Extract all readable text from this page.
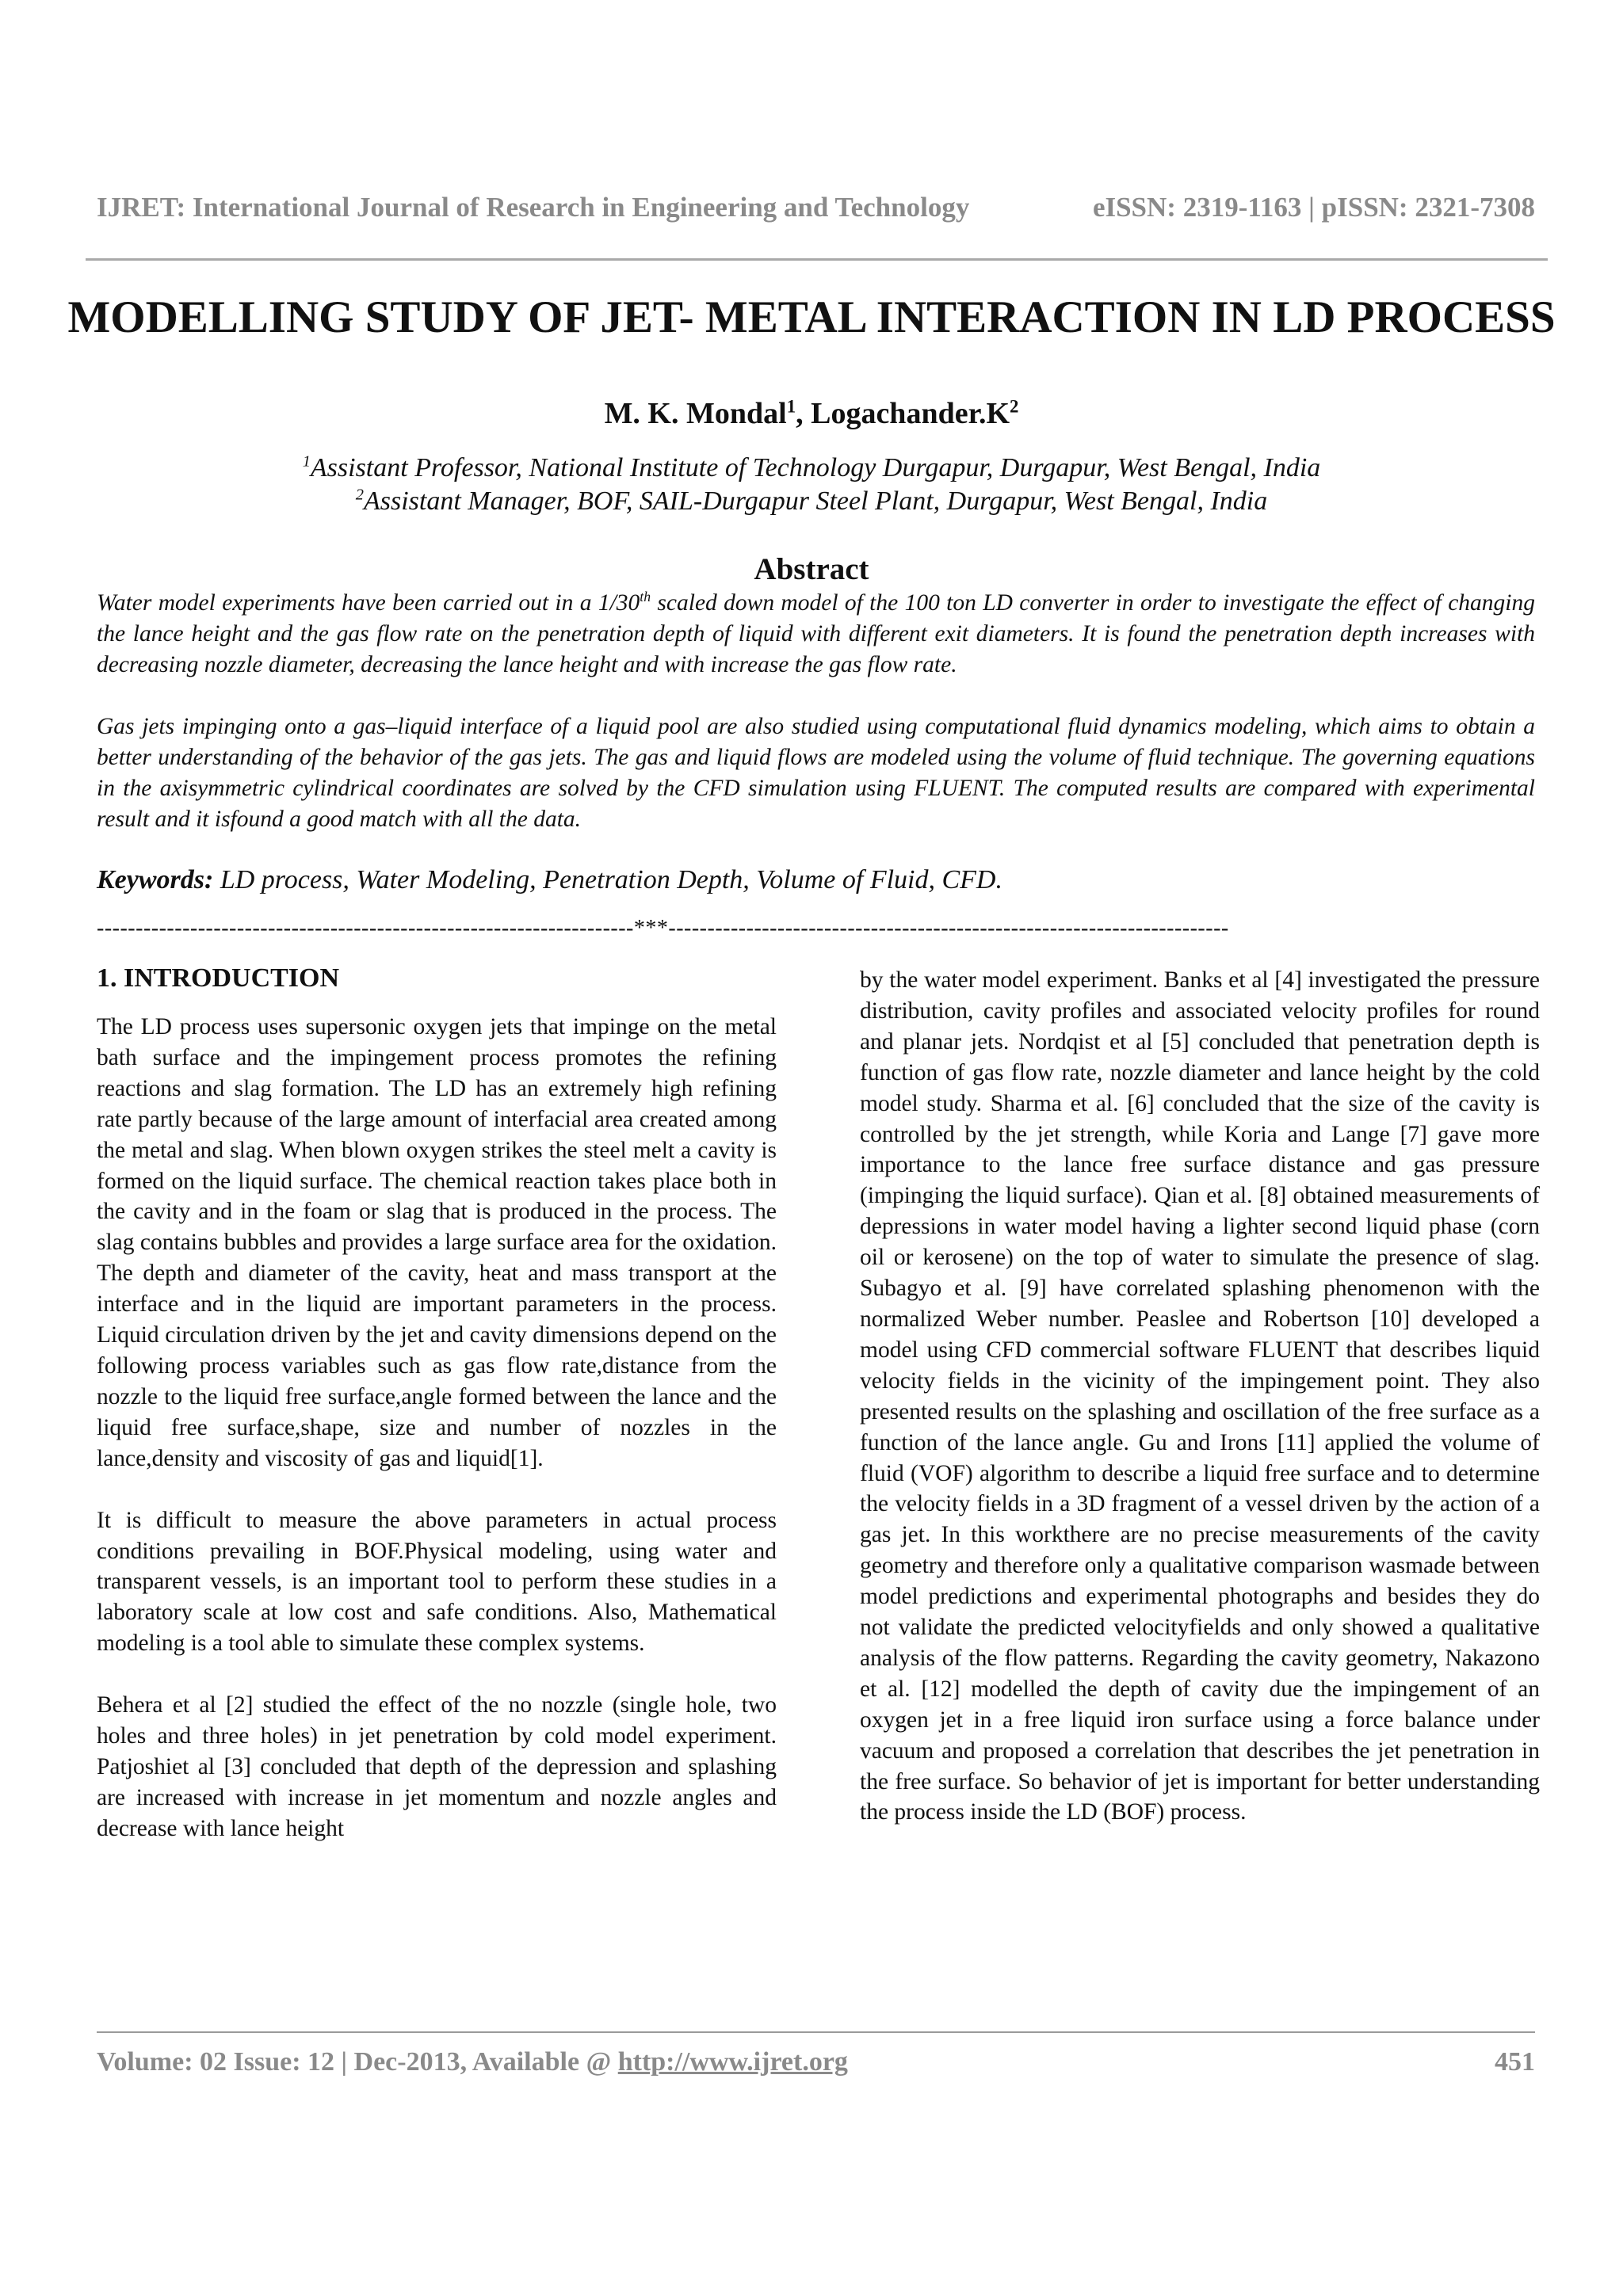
IJRET: International Journal of Research in Engineering and Technology	eISSN: 2319-1163 | pISSN: 2321-7308
MODELLING STUDY OF JET- METAL INTERACTION IN LD PROCESS
M. K. Mondal$^1$, $Logachander.K^2$
$^1$Assistant Professor, National Institute of Technology Durgapur, Durgapur, West Bengal, India
$^2$Assistant Manager, BOF, SAIL-Durgapur Steel Plant, Durgapur, West Bengal, India
Abstract

Water model experiments have been carried out in a 1/30th scaled down model of the 100 ton LD converter in order to investigate the effect of changing the lance height and the gas flow rate on the penetration depth of liquid with different exit diameters. It is found the penetration depth increases with decreasing nozzle diameter, decreasing the lance height and with increase the gas flow rate.

Gas jets impinging onto a gas–liquid interface of a liquid pool are also studied using computational fluid dynamics modeling, which aims to obtain a better understanding of the behavior of the gas jets. The gas and liquid flows are modeled using the volume of fluid technique. The governing equations in the axisymmetric cylindrical coordinates are solved by the CFD simulation using FLUENT. The computed results are compared with experimental result and it isfound a good match with all the data.

Keywords: LD process, Water Modeling, Penetration Depth, Volume of Fluid, CFD.
---------------------------------------------------------------------***------------------------------------------------------------------------
1. INTRODUCTION

The LD process uses supersonic oxygen jets that impinge on the metal bath surface and the impingement process promotes the refining reactions and slag formation. The LD has an extremely high refining rate partly because of the large amount of interfacial area created among the metal and slag. When blown oxygen strikes the steel melt a cavity is formed on the liquid surface. The chemical reaction takes place both in the cavity and in the foam or slag that is produced in the process. The slag contains bubbles and provides a large surface area for the oxidation. The depth and diameter of the cavity, heat and mass transport at the interface and in the liquid are important parameters in the process. Liquid circulation driven by the jet and cavity dimensions depend on the following process variables such as gas flow rate,distance from the nozzle to the liquid free surface,angle formed between the lance and the liquid free surface,shape, size and number of nozzles in the lance,density and viscosity of gas and liquid[1].

It is difficult to measure the above parameters in actual process conditions prevailing in BOF.Physical modeling, using water and transparent vessels, is an important tool to perform these studies in a laboratory scale at low cost and safe conditions. Also, Mathematical modeling is a tool able to simulate these complex systems.

Behera et al [2] studied the effect of the no nozzle (single hole, two holes and three holes) in jet penetration by cold model experiment. Patjoshiet al [3] concluded that depth of the depression and splashing are increased with increase in jet momentum and nozzle angles and decrease with lance height

by the water model experiment. Banks et al [4] investigated the pressure distribution, cavity profiles and associated velocity profiles for round and planar jets. Nordqist et al [5] concluded that penetration depth is function of gas flow rate, nozzle diameter and lance height by the cold model study. Sharma et al. [6] concluded that the size of the cavity is controlled by the jet strength, while Koria and Lange [7] gave more importance to the lance free surface distance and gas pressure (impinging the liquid surface). Qian et al. [8] obtained measurements of depressions in water model having a lighter second liquid phase (corn oil or kerosene) on the top of water to simulate the presence of slag. Subagyo et al. [9] have correlated splashing phenomenon with the normalized Weber number. Peaslee and Robertson [10] developed a model using CFD commercial software FLUENT that describes liquid velocity fields in the vicinity of the impingement point. They also presented results on the splashing and oscillation of the free surface as a function of the lance angle. Gu and Irons [11] applied the volume of fluid (VOF) algorithm to describe a liquid free surface and to determine the velocity fields in a 3D fragment of a vessel driven by the action of a gas jet. In this workthere are no precise measurements of the cavity geometry and therefore only a qualitative comparison wasmade between model predictions and experimental photographs and besides they do not validate the predicted velocityfields and only showed a qualitative analysis of the flow patterns. Regarding the cavity geometry, Nakazono et al. [12] modelled the depth of cavity due the impingement of an oxygen jet in a free liquid iron surface using a force balance under vacuum and proposed a correlation that describes the jet penetration in the free surface. So behavior of jet is important for better understanding the process inside the LD (BOF) process.

Volume: 02 Issue: 12 | Dec-2013, Available @ http://www.ijret.org	451
